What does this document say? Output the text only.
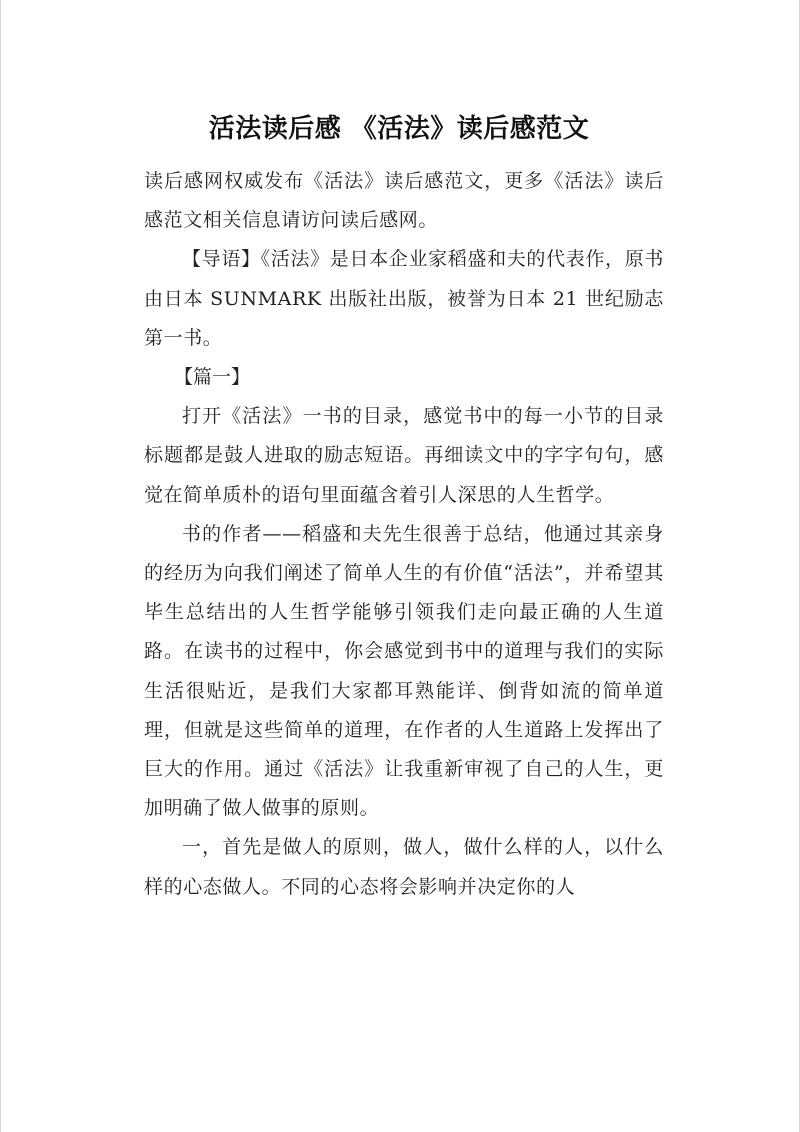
活法读后感 《活法》读后感范文

读后感网权威发布《活法》读后感范文，更多《活法》读后感范文相关信息请访问读后感网。

【导语】《活法》是日本企业家稻盛和夫的代表作，原书由日本 SUNMARK 出版社出版，被誉为日本 21 世纪励志第一书。

【篇一】

打开《活法》一书的目录，感觉书中的每一小节的目录标题都是鼓人进取的励志短语。再细读文中的字字句句，感觉在简单质朴的语句里面蕴含着引人深思的人生哲学。

书的作者——稻盛和夫先生很善于总结，他通过其亲身的经历为向我们阐述了简单人生的有价值“活法”，并希望其毕生总结出的人生哲学能够引领我们走向最正确的人生道路。在读书的过程中，你会感觉到书中的道理与我们的实际生活很贴近，是我们大家都耳熟能详、倒背如流的简单道理，但就是这些简单的道理，在作者的人生道路上发挥出了巨大的作用。通过《活法》让我重新审视了自己的人生，更加明确了做人做事的原则。

一，首先是做人的原则，做人，做什么样的人，以什么样的心态做人。不同的心态将会影响并决定你的人
